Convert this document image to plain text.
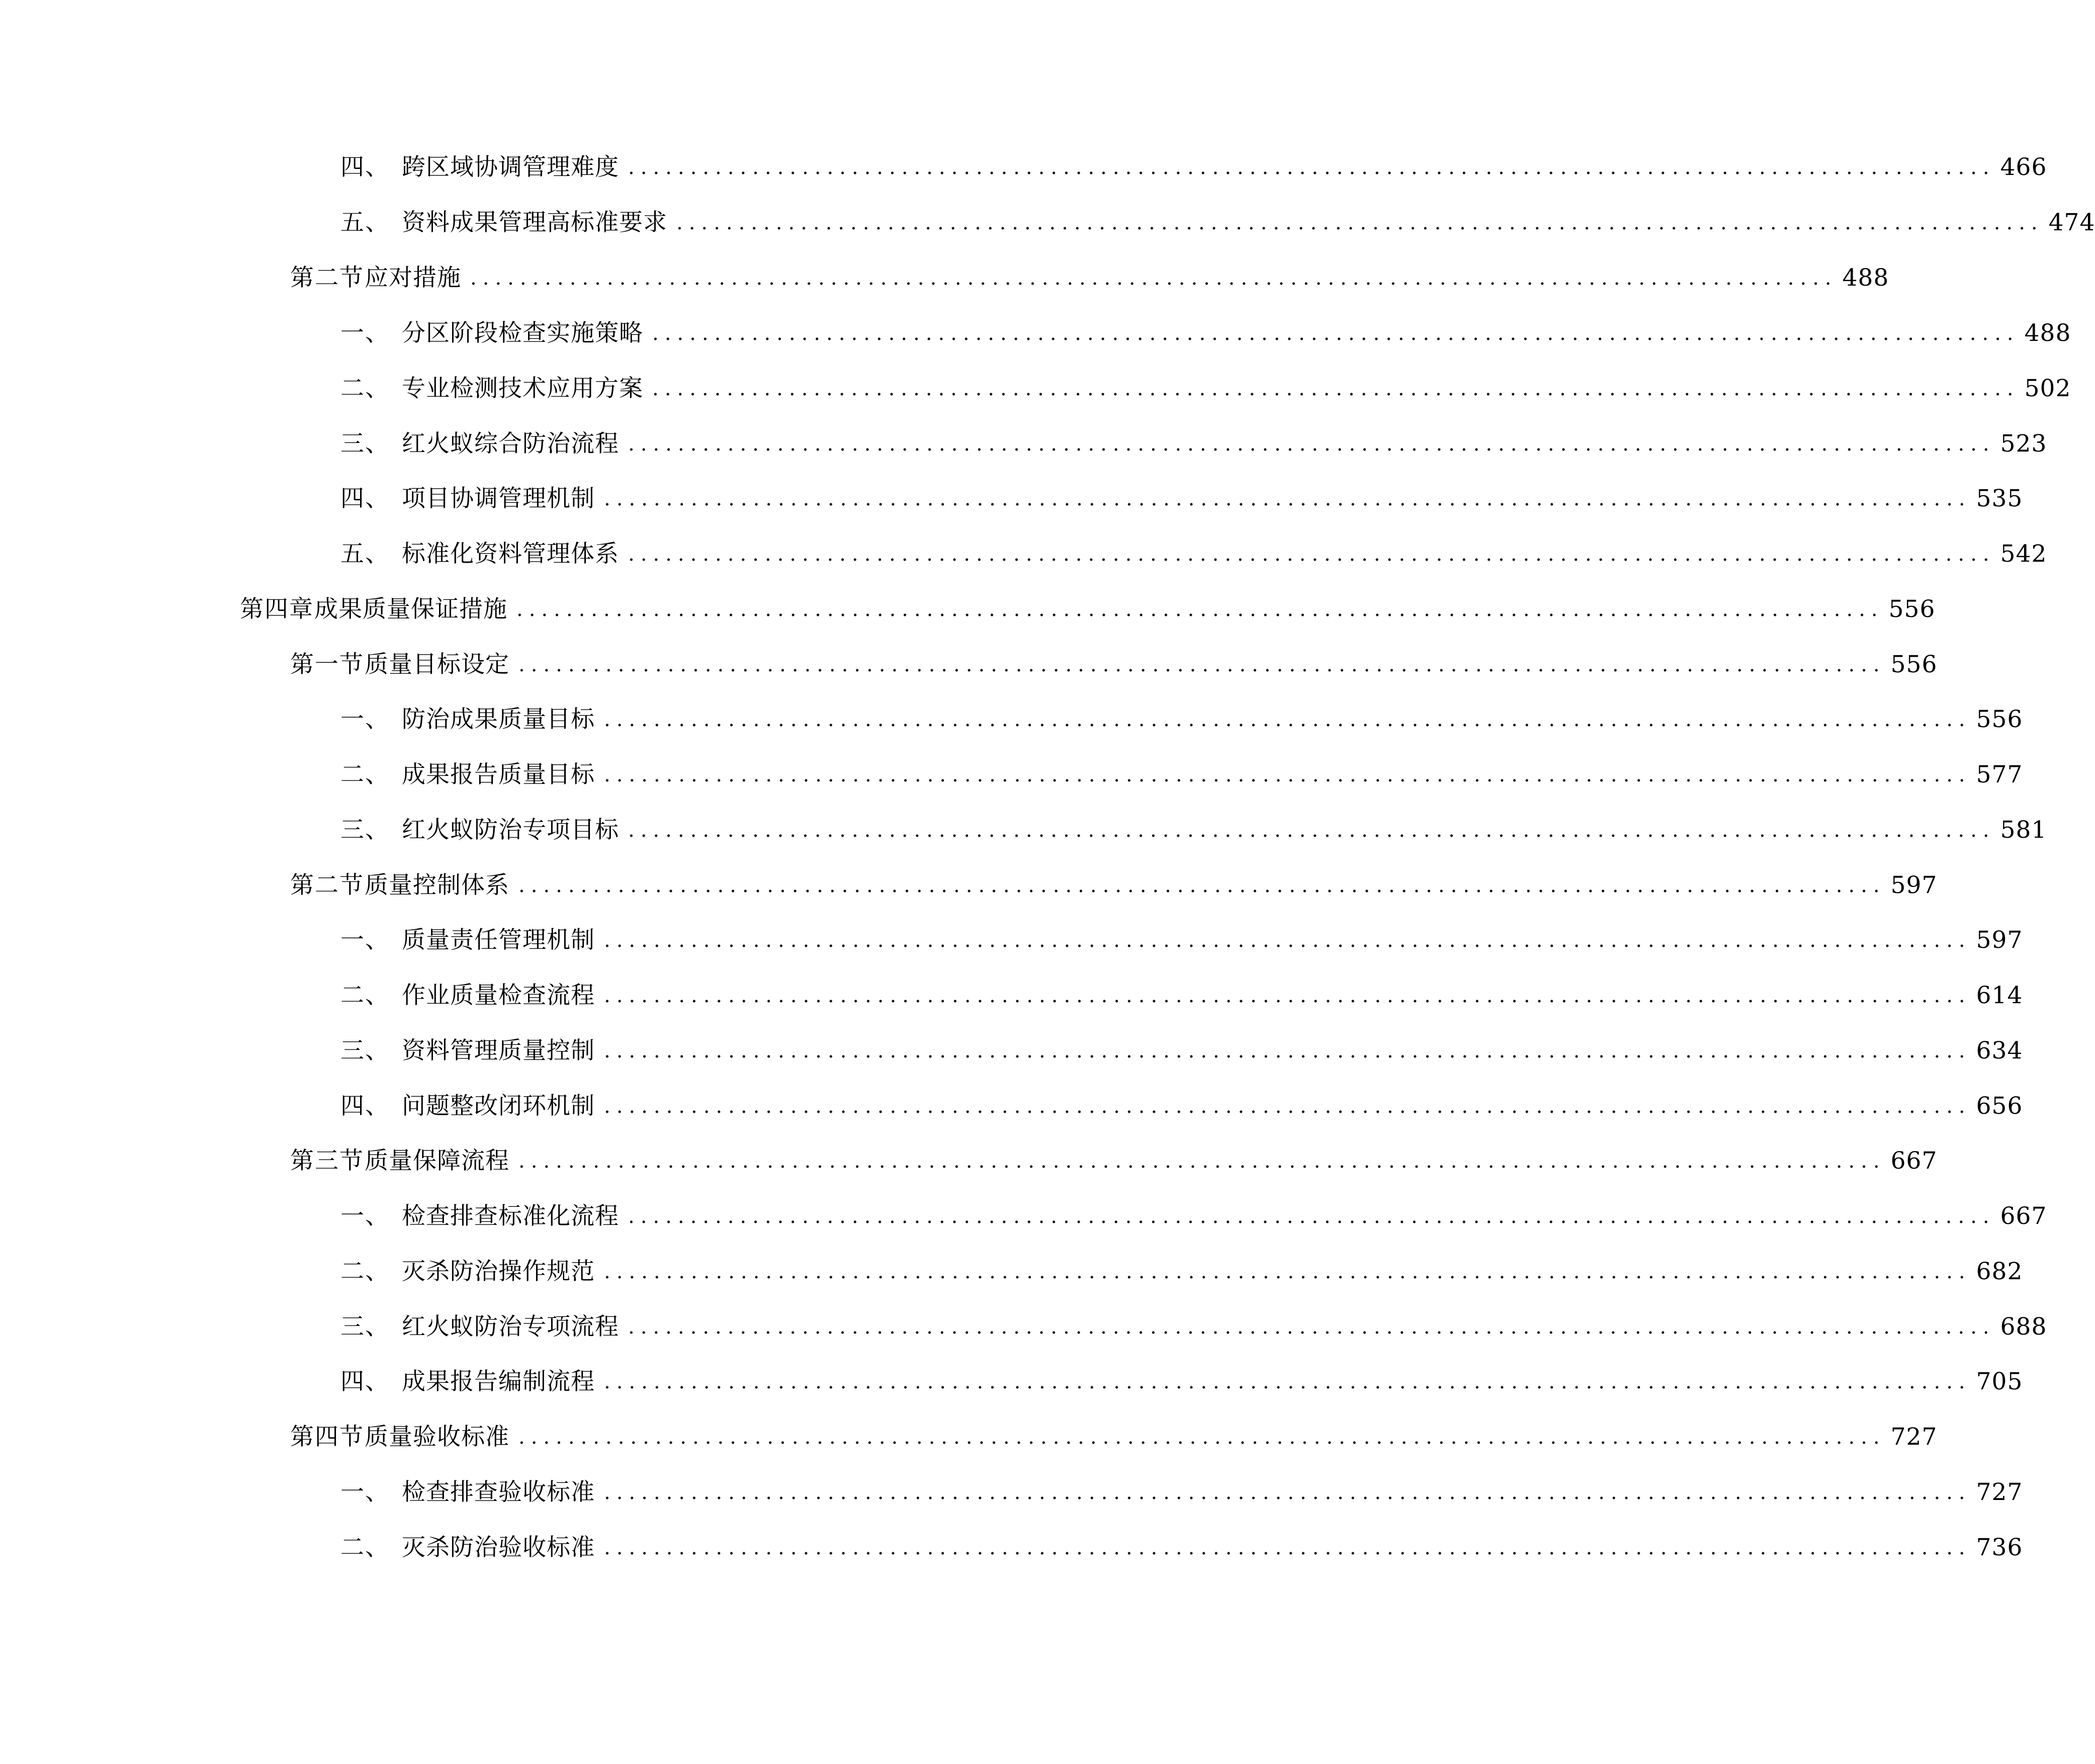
四、 跨区域协调管理难度 .............................................................................................................. 466
五、 资料成果管理高标准要求 .............................................................................................................. 474
第二节 应对措施 .............................................................................................................. 488
一、 分区阶段检查实施策略 .............................................................................................................. 488
二、 专业检测技术应用方案 .............................................................................................................. 502
三、 红火蚁综合防治流程 .............................................................................................................. 523
四、 项目协调管理机制 .............................................................................................................. 535
五、 标准化资料管理体系 .............................................................................................................. 542
第四章 成果质量保证措施 .............................................................................................................. 556
第一节 质量目标设定 .............................................................................................................. 556
一、 防治成果质量目标 .............................................................................................................. 556
二、 成果报告质量目标 .............................................................................................................. 577
三、 红火蚁防治专项目标 .............................................................................................................. 581
第二节 质量控制体系 .............................................................................................................. 597
一、 质量责任管理机制 .............................................................................................................. 597
二、 作业质量检查流程 .............................................................................................................. 614
三、 资料管理质量控制 .............................................................................................................. 634
四、 问题整改闭环机制 .............................................................................................................. 656
第三节 质量保障流程 .............................................................................................................. 667
一、 检查排查标准化流程 .............................................................................................................. 667
二、 灭杀防治操作规范 .............................................................................................................. 682
三、 红火蚁防治专项流程 .............................................................................................................. 688
四、 成果报告编制流程 .............................................................................................................. 705
第四节 质量验收标准 .............................................................................................................. 727
一、 检查排查验收标准 .............................................................................................................. 727
二、 灭杀防治验收标准 .............................................................................................................. 736
